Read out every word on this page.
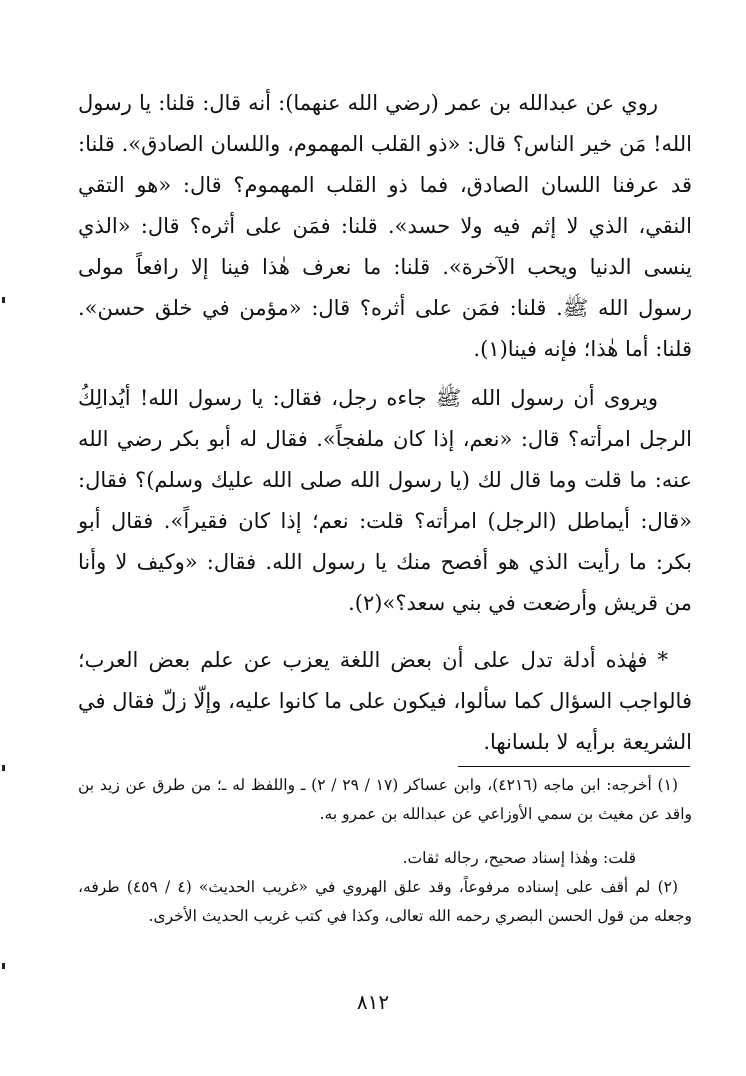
روي عن عبدالله بن عمر (رضي الله عنهما): أنه قال: قلنا: يا رسول الله! مَن خير الناس؟ قال: «ذو القلب المهموم، واللسان الصادق». قلنا: قد عرفنا اللسان الصادق، فما ذو القلب المهموم؟ قال: «هو التقي النقي، الذي لا إثم فيه ولا حسد». قلنا: فمَن على أثره؟ قال: «الذي ينسى الدنيا ويحب الآخرة». قلنا: ما نعرف هٰذا فينا إلا رافعاً مولى رسول الله ﷺ. قلنا: فمَن على أثره؟ قال: «مؤمن في خلق حسن». قلنا: أما هٰذا؛ فإنه فينا(١).

ويروى أن رسول الله ﷺ جاءه رجل، فقال: يا رسول الله! أيُدالِكُ الرجل امرأته؟ قال: «نعم، إذا كان ملفجاً». فقال له أبو بكر رضي الله عنه: ما قلت وما قال لك (يا رسول الله صلى الله عليك وسلم)؟ فقال: «قال: أيماطل (الرجل) امرأته؟ قلت: نعم؛ إذا كان فقيراً». فقال أبو بكر: ما رأيت الذي هو أفصح منك يا رسول الله. فقال: «وكيف لا وأنا من قريش وأرضعت في بني سعد؟»(٢).

* فهٰذه أدلة تدل على أن بعض اللغة يعزب عن علم بعض العرب؛ فالواجب السؤال كما سألوا، فيكون على ما كانوا عليه، وإلّا زلّ فقال في الشريعة برأيه لا بلسانها.

(١) أخرجه: ابن ماجه (٤٢١٦)، وابن عساكر (١٧ / ٢٩ / ٢) ـ واللفظ له ـ؛ من طرق عن زيد بن واقد عن مغيث بن سمي الأوزاعي عن عبدالله بن عمرو به.

قلت: وهٰذا إسناد صحيح، رجاله ثقات.

(٢) لم أقف على إسناده مرفوعاً، وقد علق الهروي في «غريب الحديث» (٤ / ٤٥٩) طرفه، وجعله من قول الحسن البصري رحمه الله تعالى، وكذا في كتب غريب الحديث الأخرى.

٨١٢
